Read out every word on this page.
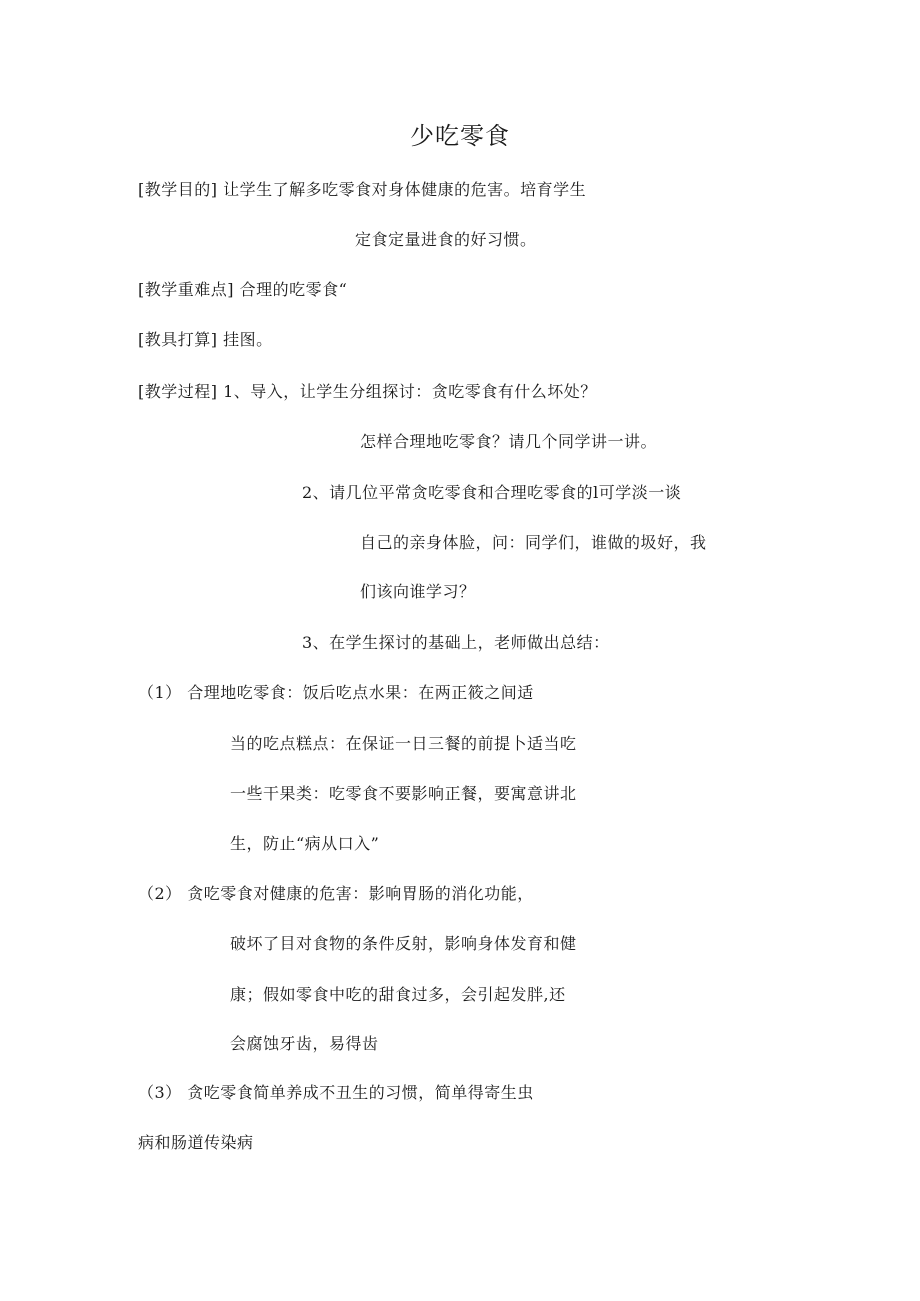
少吃零食
[教学目的] 让学生了解多吃零食对身体健康的危害。培育学生
定食定量进食的好习惯。
[教学重难点] 合理的吃零食“
[教具打算] 挂图。
[教学过程] 1、导入，让学生分组探讨：贪吃零食有什么坏处？
怎样合理地吃零食？请几个同学讲一讲。
2、请几位平常贪吃零食和合理吃零食的l可学淡一谈
自己的亲身体脸，问：同学们，谁做的圾好，我
们该向谁学习？
3、在学生探讨的基础上，老师做出总结：
（1） 合理地吃零食：饭后吃点水果：在两正筱之间适
当的吃点糕点：在保证一日三餐的前提卜适当吃
一些干果类：吃零食不要影响正餐，要寓意讲北
生，防止“病从口入”
（2） 贪吃零食对健康的危害：影响胃肠的消化功能，
破坏了目对食物的条件反射，影响身体发育和健
康；假如零食中吃的甜食过多，会引起发胖,还
会腐蚀牙齿，易得齿
（3） 贪吃零食简单养成不丑生的习惯，简单得寄生虫
病和肠道传染病
